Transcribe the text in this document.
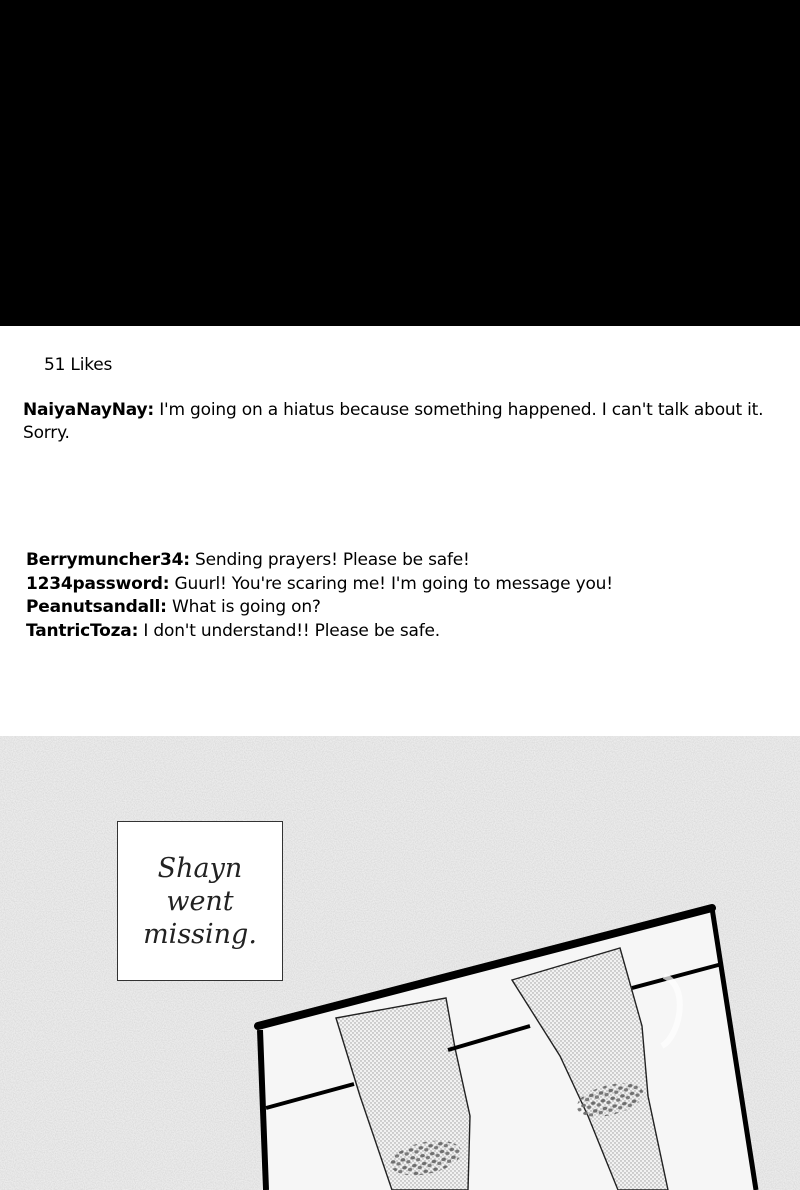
51 Likes
NaiyaNayNay: I'm going on a hiatus because something happened. I can't talk about it. Sorry.
Berrymuncher34: Sending prayers! Please be safe!
1234password: Guurl! You're scaring me! I'm going to message you!
Peanutsandall: What is going on?
TantricToza: I don't understand!! Please be safe.
Shayn
went
missing.
